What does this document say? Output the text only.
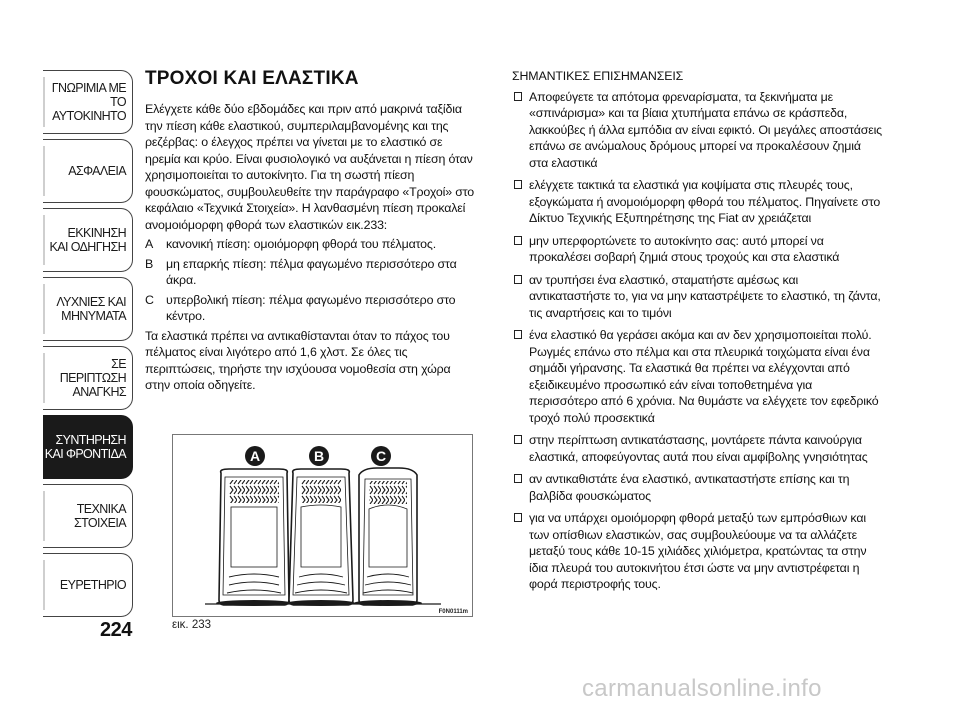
ΓΝΩΡΙΜΙΑ ΜΕ
ΤΟ ΑΥΤΟΚΙΝΗΤΟ
ΑΣΦΑΛΕΙΑ
ΕΚΚΙΝΗΣΗ
ΚΑΙ ΟΔΗΓΗΣΗ
ΛΥΧΝΙΕΣ ΚΑΙ
ΜΗΝΥΜΑΤΑ
ΣΕ ΠΕΡΙΠΤΩΣΗ
ΑΝΑΓΚΗΣ
ΣΥΝΤΗΡΗΣΗ
ΚΑΙ ΦΡΟΝΤΙΔΑ
ΤΕΧΝΙΚΑ
ΣΤΟΙΧΕΙΑ
ΕΥΡΕΤΗΡΙΟ
224
ΤΡΟΧΟΙ ΚΑΙ ΕΛΑΣΤΙΚΑ

Ελέγχετε κάθε δύο εβδομάδες και πριν από μακρινά ταξίδια την πίεση κάθε ελαστικού, συμπεριλαμβανομένης και της ρεζέρβας: ο έλεγχος πρέπει να γίνεται με το ελαστικό σε ηρεμία και κρύο. Είναι φυσιολογικό να αυξάνεται η πίεση όταν χρησιμοποιείται το αυτοκίνητο. Για τη σωστή πίεση φουσκώματος, συμβουλευθείτε την παράγραφο «Τροχοί» στο κεφάλαιο «Τεχνικά Στοιχεία». Η λανθασμένη πίεση προκαλεί ανομοιόμορφη φθορά των ελαστικών εικ.233:

A	κανονική πίεση: ομοιόμορφη φθορά του πέλματος.
B	μη επαρκής πίεση: πέλμα φαγωμένο περισσότερο στα άκρα.
C υπερβολική πίεση: πέλμα φαγωμένο περισσότερο στο κέντρο.

Τα ελαστικά πρέπει να αντικαθίστανται όταν το πάχος του πέλματος είναι λιγότερο από 1,6 χλστ. Σε όλες τις περιπτώσεις, τηρήστε την ισχύουσα νομοθεσία στη χώρα στην οποία οδηγείτε.

A	B	C
F0N0111m
εικ. 233
ΣΗΜΑΝΤΙΚΕΣ ΕΠΙΣΗΜΑΝΣΕΙΣ
Αποφεύγετε τα απότομα φρεναρίσματα, τα ξεκινήματα με «σπινάρισμα» και τα βίαια χτυπήματα επάνω σε κράσπεδα, λακκούβες ή άλλα εμπόδια αν είναι εφικτό. Οι μεγάλες αποστάσεις επάνω σε ανώμαλους δρόμους μπορεί να προκαλέσουν ζημιά στα ελαστικά
ελέγχετε τακτικά τα ελαστικά για κοψίματα στις πλευρές τους, εξογκώματα ή ανομοιόμορφη φθορά του πέλματος. Πηγαίνετε στο Δίκτυο Τεχνικής Εξυπηρέτησης της Fiat αν χρειάζεται
μην υπερφορτώνετε το αυτοκίνητο σας: αυτό μπορεί να προκαλέσει σοβαρή ζημιά στους τροχούς και στα ελαστικά
αν τρυπήσει ένα ελαστικό, σταματήστε αμέσως και αντικαταστήστε το, για να μην καταστρέψετε το ελαστικό, τη ζάντα, τις αναρτήσεις και το τιμόνι
ένα ελαστικό θα γεράσει ακόμα και αν δεν χρησιμοποιείται πολύ. Ρωγμές επάνω στο πέλμα και στα πλευρικά τοιχώματα είναι ένα σημάδι γήρανσης. Τα ελαστικά θα πρέπει να ελέγχονται από εξειδικευμένο προσωπικό εάν είναι τοποθετημένα για περισσότερο από 6 χρόνια. Να θυμάστε να ελέγχετε τον εφεδρικό τροχό πολύ προσεκτικά
στην περίπτωση αντικατάστασης, μοντάρετε πάντα καινούργια ελαστικά, αποφεύγοντας αυτά που είναι αμφίβολης γνησιότητας
αν αντικαθιστάτε ένα ελαστικό, αντικαταστήστε επίσης και τη βαλβίδα φουσκώματος
για να υπάρχει ομοιόμορφη φθορά μεταξύ των εμπρόσθιων και των οπίσθιων ελαστικών, σας συμβουλεύουμε να τα αλλάζετε μεταξύ τους κάθε 10-15 χιλιάδες χιλιόμετρα, κρατώντας τα στην ίδια πλευρά του αυτοκινήτου έτσι ώστε να μην αντιστρέφεται η φορά περιστροφής τους.
carmanualsonline.info
